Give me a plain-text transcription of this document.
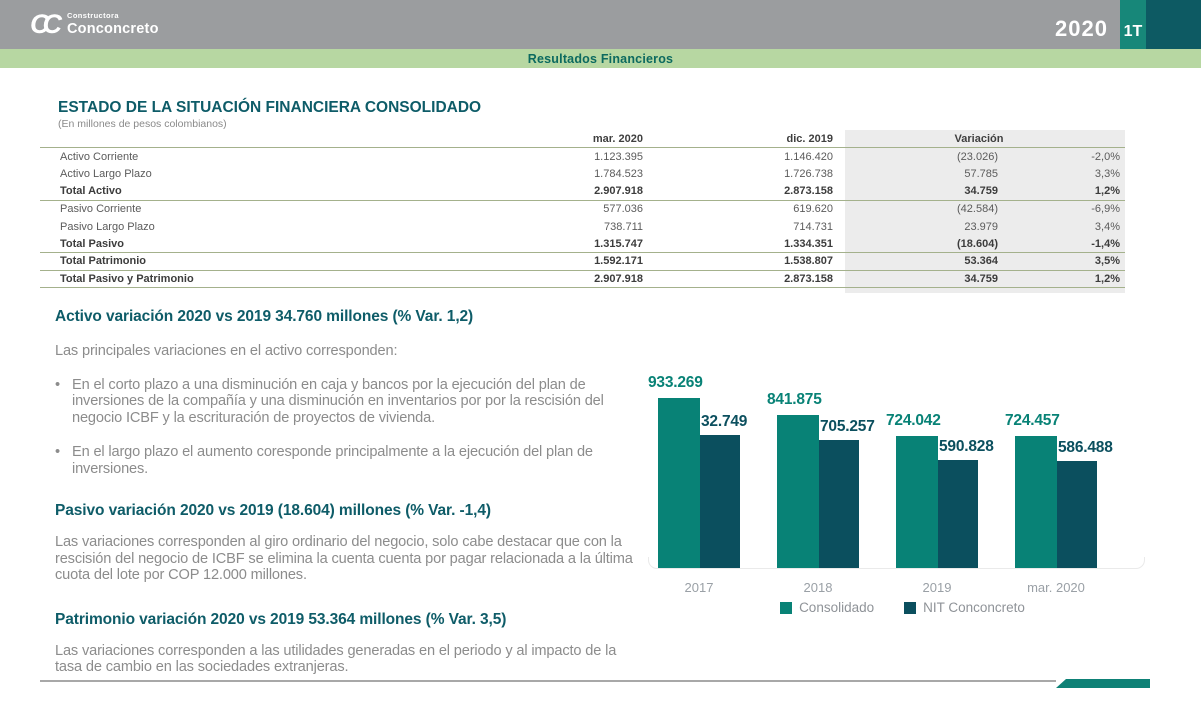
CC	Constructora
Conconcreto	2020 1T
Resultados Financieros
ESTADO DE LA SITUACIÓN FINANCIERA CONSOLIDADO
(En millones de pesos colombianos)
mar. 2020	dic. 2019	Variación
Activo Corriente	1.123.395	1.146.420	(23.026)	-2,0%
Activo Largo Plazo	1.784.523	1.726.738	57.785	3,3%
Total Activo	2.907.918	2.873.158	34.759	1,2%
Pasivo Corriente	577.036	619.620	(42.584)	-6,9%
Pasivo Largo Plazo	738.711	714.731	23.979	3,4%
Total Pasivo	1.315.747	1.334.351	(18.604)	-1,4%
Total Patrimonio	1.592.171	1.538.807	53.364	3,5%
Total Pasivo y Patrimonio	2.907.918	2.873.158	34.759	1,2%
Activo variación 2020 vs 2019 34.760 millones (% Var. 1,2)
Las principales variaciones en el activo corresponden:
• En el corto plazo a una disminución en caja y bancos por la ejecución del plan de inversiones de la compañía y una disminución en inventarios por por la rescisión del negocio ICBF y la escrituración de proyectos de vivienda.
• En el largo plazo el aumento coresponde principalmente a la ejecución del plan de inversiones.
Pasivo variación 2020 vs 2019 (18.604) millones (% Var. -1,4)
Las variaciones corresponden al giro ordinario del negocio, solo cabe destacar que con la rescisión del negocio de ICBF se elimina la cuenta cuenta por pagar relacionada a la última cuota del lote por COP 12.000 millones.
Patrimonio variación 2020 vs 2019 53.364 millones (% Var. 3,5)
Las variaciones corresponden a las utilidades generadas en el periodo y al impacto de la tasa de cambio en las sociedades extranjeras.
Consolidado	NIT Conconcreto
933.269
32.749
2017
841.875
705.257
2018
724.042
590.828
2019
724.457
586.488
mar. 2020
